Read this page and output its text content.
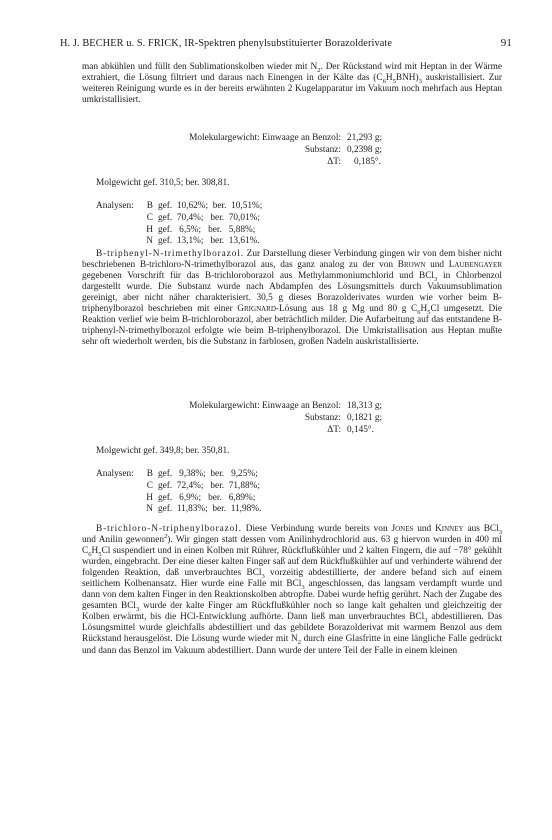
H. J. BECHER u. S. FRICK, IR-Spektren phenylsubstituierter Borazolderivate	91
man abkühlen und füllt den Sublimationskolben wieder mit $N_2$. Der Rückstand wird mit Heptan in der Wärme extrahiert, die Lösung filtriert und daraus nach Einengen in der Kälte das $(C_6H_5BNH)_3$ auskristallisiert. Zur weiteren Reinigung wurde es in der bereits erwähnten 2 Kugelapparatur im Vakuum noch mehrfach aus Heptan umkristallisiert.
Molekulargewicht: Einwaage an Benzol: 21,293 g;
Substanz: 0,2398 g;
ΔT: 0,185°.
Molgewicht gef. 310,5; ber. 308,81.
Analysen:	B gef.  10,62%;  ber.  10,51%;
C gef.  70,4%;   ber.  70,01%;
H gef.   6,5%;   ber.   5,88%;
N gef.  13,1%;   ber.  13,61%.
B-triphenyl-N-trimethylborazol. Zur Darstellung dieser Verbindung gingen wir von dem bisher nicht beschriebenen B-trichloro-N-trimethylborazol aus, das ganz analog zu der von Brown und Laubengayer gegebenen Vorschrift für das B-trichloroborazol aus Methylammoniumchlorid und BCl$_3$ in Chlorbenzol dargestellt wurde. Die Substanz wurde nach Abdampfen des Lösungsmittels durch Vakuumsublimation gereinigt, aber nicht näher charakterisiert. 30,5 g dieses Borazolderivates wurden wie vorher beim B-triphenylborazol beschrieben mit einer Grignard-Lösung aus 18 g Mg und 80 g $C_6H_5Cl$ umgesetzt. Die Reaktion verlief wie beim B-trichloroborazol, aber beträchtlich milder. Die Aufarbeitung auf das entstandene B-triphenyl-N-trimethylborazol erfolgte wie beim B-triphenylborazol. Die Umkristallisation aus Heptan mußte sehr oft wiederholt werden, bis die Substanz in farblosen, großen Nadeln auskristallisierte.
Molekulargewicht: Einwaage an Benzol: 18,313 g;
Substanz: 0,1821 g;
ΔT: 0,145°.
Molgewicht gef. 349,8; ber. 350,81.
Analysen:	B gef.   9,38%;  ber.   9,25%;
C gef.  72,4%;   ber.  71,88%;
H gef.   6,9%;   ber.   6,89%;
N gef.  11,83%;  ber.  11,98%.
B-trichloro-N-triphenylborazol. Diese Verbindung wurde bereits von Jones und Kinney aus BCl$_3$ und Anilin gewonnen$^2$). Wir gingen statt dessen vom Anilinhydrochlorid aus. 63 g hiervon wurden in 400 ml $C_6H_5Cl$ suspendiert und in einen Kolben mit Rührer, Rückflußkühler und 2 kalten Fingern, die auf −78° gekühlt wurden, eingebracht. Der eine dieser kalten Finger saß auf dem Rückflußkühler auf und verhinderte während der folgenden Reaktion, daß unverbrauchtes BCl$_3$ vorzeitig abdestillierte, der andere befand sich auf einem seitlichem Kolbenansatz. Hier wurde eine Falle mit BCl$_3$ angeschlossen, das langsam verdampft wurde und dann von dem kalten Finger in den Reaktionskolben abtropfte. Dabei wurde heftig gerührt. Nach der Zugabe des gesamten BCl$_3$ wurde der kalte Finger am Rückflußkühler noch so lange kalt gehalten und gleichzeitig der Kolben erwärmt, bis die HCl-Entwicklung aufhörte. Dann ließ man unverbrauchtes BCl$_3$ abdestillieren. Das Lösungsmittel wurde gleichfalls abdestilliert und das gebildete Borazolderivat mit warmem Benzol aus dem Rückstand herausgelöst. Die Lösung wurde wieder mit $N_2$ durch eine Glasfritte in eine längliche Falle gedrückt und dann das Benzol im Vakuum abdestilliert. Dann wurde der untere Teil der Falle in einem kleinen
